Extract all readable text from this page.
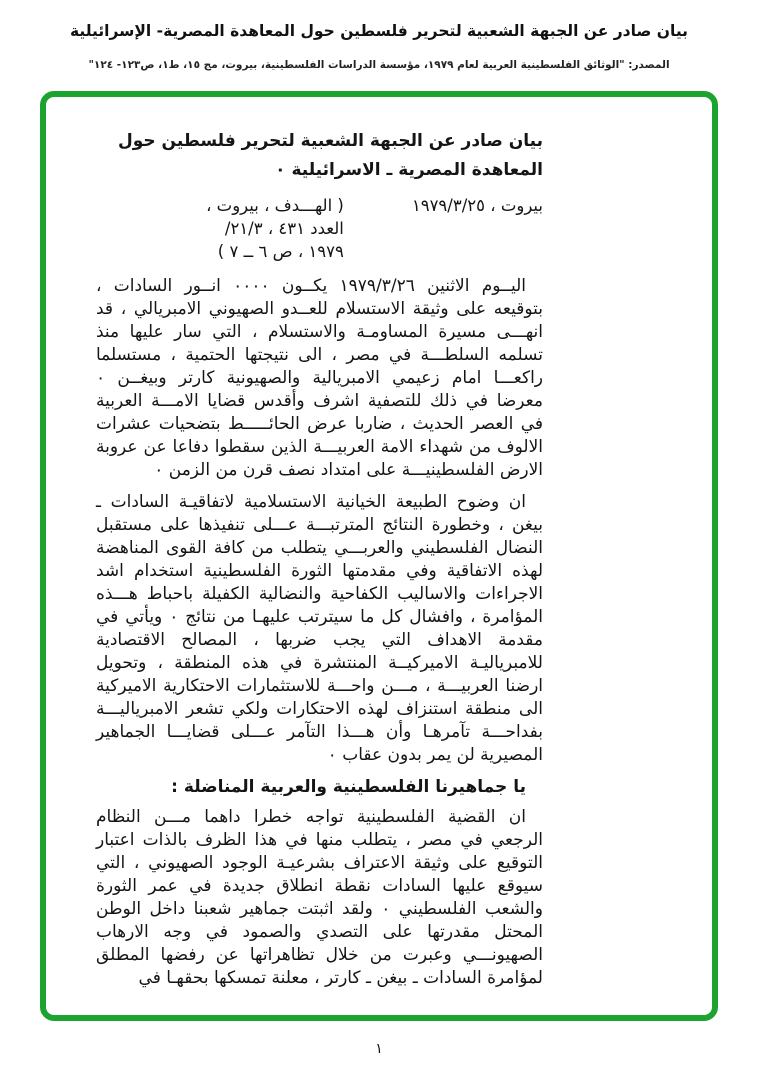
بيان صادر عن الجبهة الشعبية لتحرير فلسطين حول المعاهدة المصرية- الإسرائيلية
المصدر: "الوثائق الفلسطينية العربية لعام ١٩٧٩، مؤسسة الدراسات الفلسطينية، بيروت، مج ١٥، ط١، ص١٢٣- ١٢٤"
بيان صادر عن الجبهة الشعبية لتحرير فلسطين حول
المعاهدة المصرية ـ الاسرائيلية ٠
بيروت ، ١٩٧٩/٣/٢٥
( الهـــدف ، بيروت ،
العدد ٤٣١ ، ٢١/٣/
١٩٧٩ ، ص ٦ ــ ٧ )

اليــوم الاثنين ١٩٧٩/٣/٢٦ يكــون ٠٠٠٠ انــور السادات ، بتوقيعه على وثيقة الاستسلام للعــدو الصهيوني الامبريالي ، قد انهـــى مسيرة المساومـة والاستسلام ، التي سار عليها منذ تسلمه السلطـــة في مصر ، الى نتيجتها الحتمية ، مستسلما راكعـــا امام زعيمي الامبريالية والصهيونية كارتر وبيغــن ٠ معرضا في ذلك للتصفية اشرف وأقدس قضايا الامـــة العربية في العصر الحديث ، ضاربا عرض الحائـــــط بتضحيات عشرات الالوف من شهداء الامة العربيـــة الذين سقطوا دفاعا عن عروبة الارض الفلسطينيـــة على امتداد نصف قرن من الزمن ٠

ان وضوح الطبيعة الخيانية الاستسلامية لاتفاقيـة السادات ـ بيغن ، وخطورة النتائج المترتبـــة عـــلى تنفيذها على مستقبل النضال الفلسطيني والعربـــي يتطلب من كافة القوى المناهضة لهذه الاتفاقية وفي مقدمتها الثورة الفلسطينية استخدام اشد الاجراءات والاساليب الكفاحية والنضالية الكفيلة باحباط هـــذه المؤامرة ، وافشال كل ما سيترتب عليهـا من نتائج ٠ ويأتي في مقدمة الاهداف التي يجب ضربها ، المصالح الاقتصادية للامبرياليـة الاميركيــة المنتشرة في هذه المنطقة ، وتحويل ارضنا العربيـــة ، مـــن واحـــة للاستثمارات الاحتكارية الاميركية الى منطقة استنزاف لهذه الاحتكارات ولكي تشعر الامبرياليـــة بفداحـــة تآمرهـا وأن هـــذا التآمر عـــلى قضايـــا الجماهير المصيرية لن يمر بدون عقاب ٠

يا جماهيرنا الفلسطينية والعربية المناضلة :

ان القضية الفلسطينية تواجه خطرا داهما مـــن النظام الرجعي في مصر ، يتطلب منها في هذا الظرف بالذات اعتبار التوقيع على وثيقة الاعتراف بشرعيـة الوجود الصهيوني ، التي سيوقع عليها السادات نقطة انطلاق جديدة في عمر الثورة والشعب الفلسطيني ٠ ولقد اثبتت جماهير شعبنا داخل الوطن المحتل مقدرتها على التصدي والصمود في وجه الارهاب الصهيونـــي وعبرت من خلال تظاهراتها عن رفضها المطلق لمؤامرة السادات ـ بيغن ـ كارتر ، معلنة تمسكها بحقهـا في

١
